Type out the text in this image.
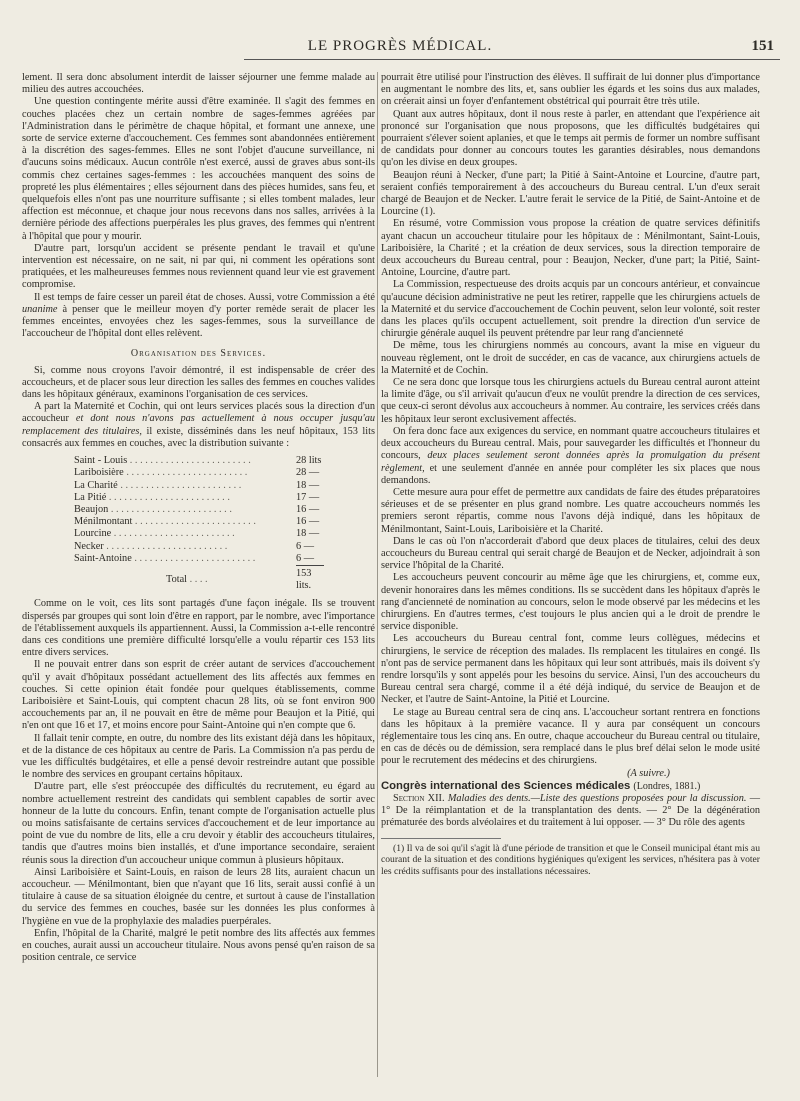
LE PROGRÈS MÉDICAL.	151

lement. Il sera donc absolument interdit de laisser séjourner une femme malade au milieu des autres accouchées.

Une question contingente mérite aussi d'être examinée. Il s'agit des femmes en couches placées chez un certain nombre de sages-femmes agréées par l'Administration dans le périmètre de chaque hôpital, et formant une annexe, une sorte de service externe d'accouchement. Ces femmes sont abandonnées entièrement à la discrétion des sages-femmes. Elles ne sont l'objet d'aucune surveillance, ni d'aucuns soins médicaux. Aucun contrôle n'est exercé, aussi de graves abus sont-ils commis chez certaines sages-femmes : les accouchées manquent des soins de propreté les plus élémentaires ; elles séjournent dans des pièces humides, sans feu, et quelquefois elles n'ont pas une nourriture suffisante ; si elles tombent malades, leur affection est méconnue, et chaque jour nous recevons dans nos salles, arrivées à la dernière période des affections puerpérales les plus graves, des femmes qui n'entrent à l'hôpital que pour y mourir.

D'autre part, lorsqu'un accident se présente pendant le travail et qu'une intervention est nécessaire, on ne sait, ni par qui, ni comment les opérations sont pratiquées, et les malheureuses femmes nous reviennent quand leur vie est gravement compromise.

Il est temps de faire cesser un pareil état de choses. Aussi, votre Commission a été unanime à penser que le meilleur moyen d'y porter remède serait de placer les femmes enceintes, envoyées chez les sages-femmes, sous la surveillance de l'accoucheur de l'hôpital dont elles relèvent.

Organisation des Services.

Si, comme nous croyons l'avoir démontré, il est indispensable de créer des accoucheurs, et de placer sous leur direction les salles des femmes en couches valides dans les hôpitaux généraux, examinons l'organisation de ces services.

A part la Maternité et Cochin, qui ont leurs services placés sous la direction d'un accoucheur et dont nous n'avons pas actuellement à nous occuper jusqu'au remplacement des titulaires, il existe, disséminés dans les neuf hôpitaux, 153 lits consacrés aux femmes en couches, avec la distribution suivante :

Saint - Louis . . . . . . . . . . . . . . . . . . . . . . . .	28 lits
Lariboisière . . . . . . . . . . . . . . . . . . . . . . . .	28 —
La Charité . . . . . . . . . . . . . . . . . . . . . . . .	18 —
La Pitié . . . . . . . . . . . . . . . . . . . . . . . .	17 —
Beaujon . . . . . . . . . . . . . . . . . . . . . . . .	16 —
Ménilmontant . . . . . . . . . . . . . . . . . . . . . . . .	16 —
Lourcine . . . . . . . . . . . . . . . . . . . . . . . .	18 —
Necker . . . . . . . . . . . . . . . . . . . . . . . .	6 —
Saint-Antoine . . . . . . . . . . . . . . . . . . . . . . . .	6 —
Total . . . .	153 lits.

Comme on le voit, ces lits sont partagés d'une façon inégale. Ils se trouvent dispersés par groupes qui sont loin d'être en rapport, par le nombre, avec l'importance de l'établissement auxquels ils appartiennent. Aussi, la Commission a-t-elle rencontré dans ces conditions une première difficulté lorsqu'elle a voulu répartir ces 153 lits entre divers services.

Il ne pouvait entrer dans son esprit de créer autant de services d'accouchement qu'il y avait d'hôpitaux possédant actuellement des lits affectés aux femmes en couches. Si cette opinion était fondée pour quelques établissements, comme Lariboisière et Saint-Louis, qui comptent chacun 28 lits, où se font environ 900 accouchements par an, il ne pouvait en être de même pour Beaujon et la Pitié, qui n'en ont que 16 et 17, et moins encore pour Saint-Antoine qui n'en compte que 6.

Il fallait tenir compte, en outre, du nombre des lits existant déjà dans les hôpitaux, et de la distance de ces hôpitaux au centre de Paris. La Commission n'a pas perdu de vue les difficultés budgétaires, et elle a pensé devoir restreindre autant que possible le nombre des services en groupant certains hôpitaux.

D'autre part, elle s'est préoccupée des difficultés du recrutement, eu égard au nombre actuellement restreint des candidats qui semblent capables de sortir avec honneur de la lutte du concours. Enfin, tenant compte de l'organisation actuelle plus ou moins satisfaisante de certains services d'accouchement et de leur importance au point de vue du nombre de lits, elle a cru devoir y établir des accoucheurs titulaires, tandis que d'autres moins bien installés, et d'une importance secondaire, seraient réunis sous la direction d'un accoucheur unique commun à plusieurs hôpitaux.

Ainsi Lariboisière et Saint-Louis, en raison de leurs 28 lits, auraient chacun un accoucheur. — Ménilmontant, bien que n'ayant que 16 lits, serait aussi confié à un titulaire à cause de sa situation éloignée du centre, et surtout à cause de l'installation du service des femmes en couches, basée sur les données les plus conformes à l'hygiène en vue de la prophylaxie des maladies puerpérales.

Enfin, l'hôpital de la Charité, malgré le petit nombre des lits affectés aux femmes en couches, aurait aussi un accoucheur titulaire. Nous avons pensé qu'en raison de sa position centrale, ce service

pourrait être utilisé pour l'instruction des élèves. Il suffirait de lui donner plus d'importance en augmentant le nombre des lits, et, sans oublier les égards et les soins dus aux malades, on créerait ainsi un foyer d'enfantement obstétrical qui pourrait être très utile.

Quant aux autres hôpitaux, dont il nous reste à parler, en attendant que l'expérience ait prononcé sur l'organisation que nous proposons, que les difficultés budgétaires qui pourraient s'élever soient aplanies, et que le temps ait permis de former un nombre suffisant de candidats pour donner au concours toutes les garanties désirables, nous demandons qu'on les divise en deux groupes.

Beaujon réuni à Necker, d'une part; la Pitié à Saint-Antoine et Lourcine, d'autre part, seraient confiés temporairement à des accoucheurs du Bureau central. L'un d'eux serait chargé de Beaujon et de Necker. L'autre ferait le service de la Pitié, de Saint-Antoine et de Lourcine (1).

En résumé, votre Commission vous propose la création de quatre services définitifs ayant chacun un accoucheur titulaire pour les hôpitaux de : Ménilmontant, Saint-Louis, Lariboisière, la Charité ; et la création de deux services, sous la direction temporaire de deux accoucheurs du Bureau central, pour : Beaujon, Necker, d'une part; la Pitié, Saint-Antoine, Lourcine, d'autre part.

La Commission, respectueuse des droits acquis par un concours antérieur, et convaincue qu'aucune décision administrative ne peut les retirer, rappelle que les chirurgiens actuels de la Maternité et du service d'accouchement de Cochin peuvent, selon leur volonté, soit rester dans les places qu'ils occupent actuellement, soit prendre la direction d'un service de chirurgie générale auquel ils peuvent prétendre par leur rang d'ancienneté

De même, tous les chirurgiens nommés au concours, avant la mise en vigueur du nouveau règlement, ont le droit de succéder, en cas de vacance, aux chirurgiens actuels de la Maternité et de Cochin.

Ce ne sera donc que lorsque tous les chirurgiens actuels du Bureau central auront atteint la limite d'âge, ou s'il arrivait qu'aucun d'eux ne voulût prendre la direction de ces services, que ceux-ci seront dévolus aux accoucheurs à nommer. Au contraire, les services créés dans les hôpitaux leur seront exclusivement affectés.

On fera donc face aux exigences du service, en nommant quatre accoucheurs titulaires et deux accoucheurs du Bureau central. Mais, pour sauvegarder les difficultés et l'honneur du concours, deux places seulement seront données après la promulgation du présent règlement, et une seulement d'année en année pour compléter les six places que nous demandons.

Cette mesure aura pour effet de permettre aux candidats de faire des études préparatoires sérieuses et de se présenter en plus grand nombre. Les quatre accoucheurs nommés les premiers seront répartis, comme nous l'avons déjà indiqué, dans les hôpitaux de Ménilmontant, Saint-Louis, Lariboisière et la Charité.

Dans le cas où l'on n'accorderait d'abord que deux places de titulaires, celui des deux accoucheurs du Bureau central qui serait chargé de Beaujon et de Necker, adjoindrait à son service l'hôpital de la Charité.

Les accoucheurs peuvent concourir au même âge que les chirurgiens, et, comme eux, devenir honoraires dans les mêmes conditions. Ils se succèdent dans les hôpitaux d'après le rang d'ancienneté de nomination au concours, selon le mode observé par les médecins et les chirurgiens. En d'autres termes, c'est toujours le plus ancien qui a le droit de prendre le service disponible.

Les accoucheurs du Bureau central font, comme leurs collègues, médecins et chirurgiens, le service de réception des malades. Ils remplacent les titulaires en congé. Ils n'ont pas de service permanent dans les hôpitaux qui leur sont attribués, mais ils doivent s'y rendre lorsqu'ils y sont appelés pour les besoins du service. Ainsi, l'un des accoucheurs du Bureau central sera chargé, comme il a été déjà indiqué, du service de Beaujon et de Necker, et l'autre de Saint-Antoine, la Pitié et Lourcine.

Le stage au Bureau central sera de cinq ans. L'accoucheur sortant rentrera en fonctions dans les hôpitaux à la première vacance. Il y aura par conséquent un concours réglementaire tous les cinq ans. En outre, chaque accoucheur du Bureau central ou titulaire, en cas de décès ou de démission, sera remplacé dans le plus bref délai selon le mode usité pour le recrutement des médecins et des chirurgiens.

(A suivre.)

Congrès international des Sciences médicales (Londres, 1881.)

Section XII. Maladies des dents.—Liste des questions proposées pour la discussion. — 1° De la réimplantation et de la transplantation des dents. — 2° De la dégénération prématurée des bords alvéolaires et du traitement à lui opposer. — 3° Du rôle des agents

(1) Il va de soi qu'il s'agit là d'une période de transition et que le Conseil municipal étant mis au courant de la situation et des conditions hygiéniques qu'exigent les services, n'hésitera pas à voter les crédits suffisants pour des installations nécessaires.
